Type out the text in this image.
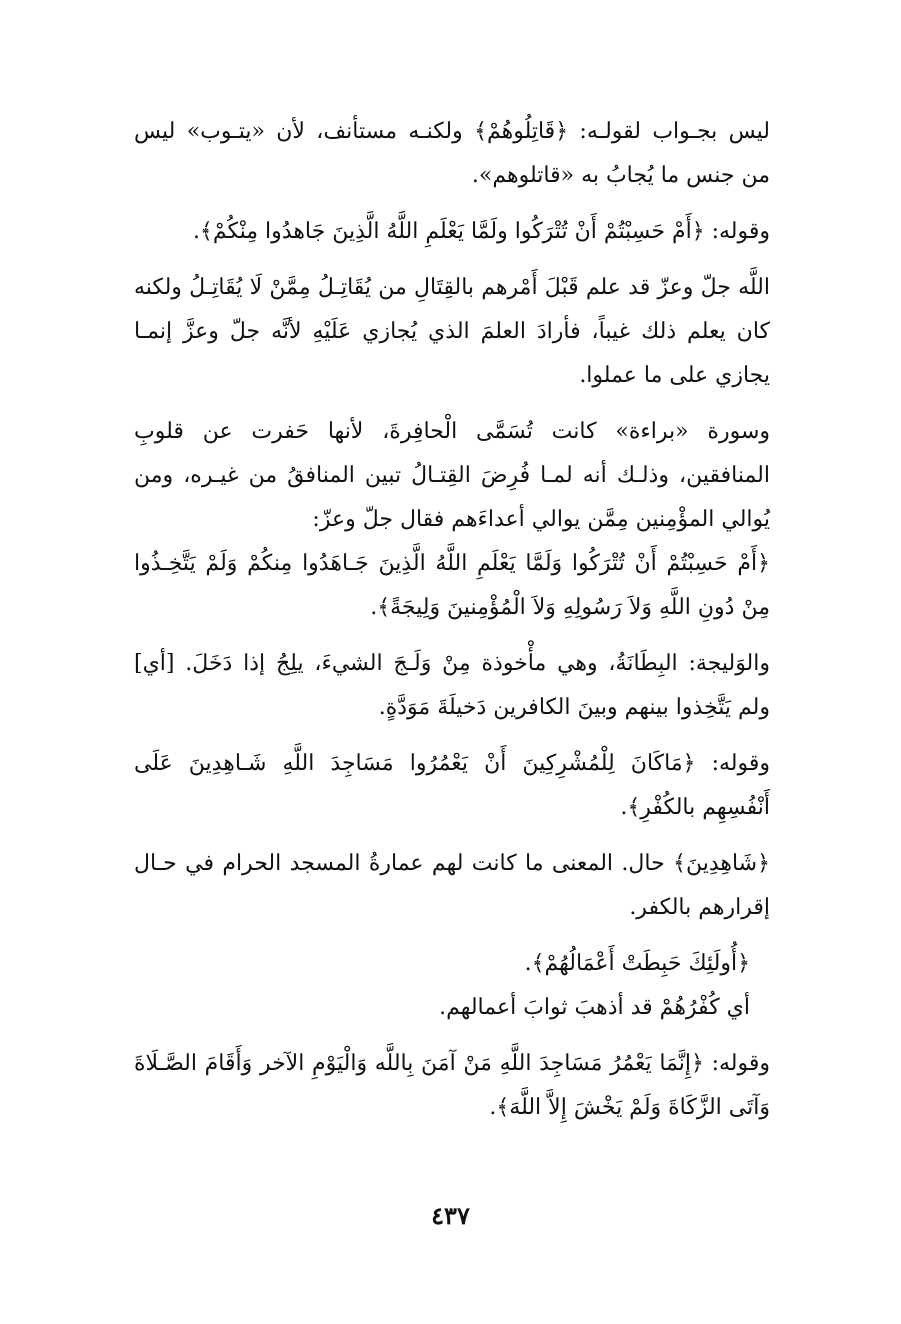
ليس بجـواب لقولـه: ﴿قَاتِلُوهُمْ﴾ ولكنـه مستأنف، لأن «يتـوب» ليس من جنس ما يُجابُ به «قاتلوهم».

وقوله: ﴿أَمْ حَسِبْتُمْ أَنْ تُتْرَكُوا ولَمَّا يَعْلَمِ اللَّهُ الَّذِينَ جَاهدُوا مِنْكُمْ﴾.

اللَّه جلّ وعزّ قد علم قَبْلَ أَمْرهم بالقِتَالِ من يُقَاتِـلُ مِمَّنْ لَا يُقَاتِـلُ ولكنه كان يعلم ذلك غيباً، فأرادَ العلمَ الذي يُجازي عَلَيْهِ لأنَّه جلّ وعزَّ إنمـا يجازي على ما عملوا.

وسورة «براءة» كانت تُسَمَّى الْحافِرةَ، لأنها حَفرت عن قلوبِ المنافقين، وذلـك أنه لمـا فُرِضَ القِتـالُ تبين المنافقُ من غيـره، ومن يُوالي المؤْمِنين مِمَّن يوالي أعداءَهم فقال جلّ وعزّ:

﴿أَمْ حَسِبْتُمْ أَنْ تُتْرَكُوا وَلَمَّا يَعْلَمِ اللَّهُ الَّذِينَ جَـاهَدُوا مِنكُمْ وَلَمْ يَتَّخِـذُوا مِنْ دُونِ اللَّهِ وَلاَ رَسُولِهِ وَلاَ الْمُؤْمِنينَ وَلِيجَةً﴾.

والوَليجة: البِطَانَةُ، وهي مأْخوذة مِنْ وَلَـجَ الشيءَ، يلِجُ إذا دَخَلَ. [أي] ولم يَتَّخِذوا بينهم وبينَ الكافرين دَخيلَةَ مَوَدَّةٍ.

وقوله: ﴿مَاكَانَ لِلْمُشْرِكِينَ أَنْ يَعْمُرُوا مَسَاجِدَ اللَّهِ شَـاهِدِينَ عَلَى أَنْفُسِهِم بالكُفْرِ﴾.

﴿شَاهِدِينَ﴾ حال. المعنى ما كانت لهم عمارةُ المسجد الحرام في حـال إقرارهم بالكفر.

﴿أُولَئِكَ حَبِطَتْ أَعْمَالُهُمْ﴾.

أي كُفْرُهُمْ قد أذهبَ ثوابَ أعمالهم.

وقوله: ﴿إِنَّمَا يَعْمُرُ مَسَاجِدَ اللَّهِ مَنْ آمَنَ بِاللَّه وَالْيَوْمِ الآخر وَأَقَامَ الصَّـلَاةَ وَآتَى الزَّكَاةَ وَلَمْ يَخْشَ إِلاَّ اللَّهَ﴾.

٤٣٧
